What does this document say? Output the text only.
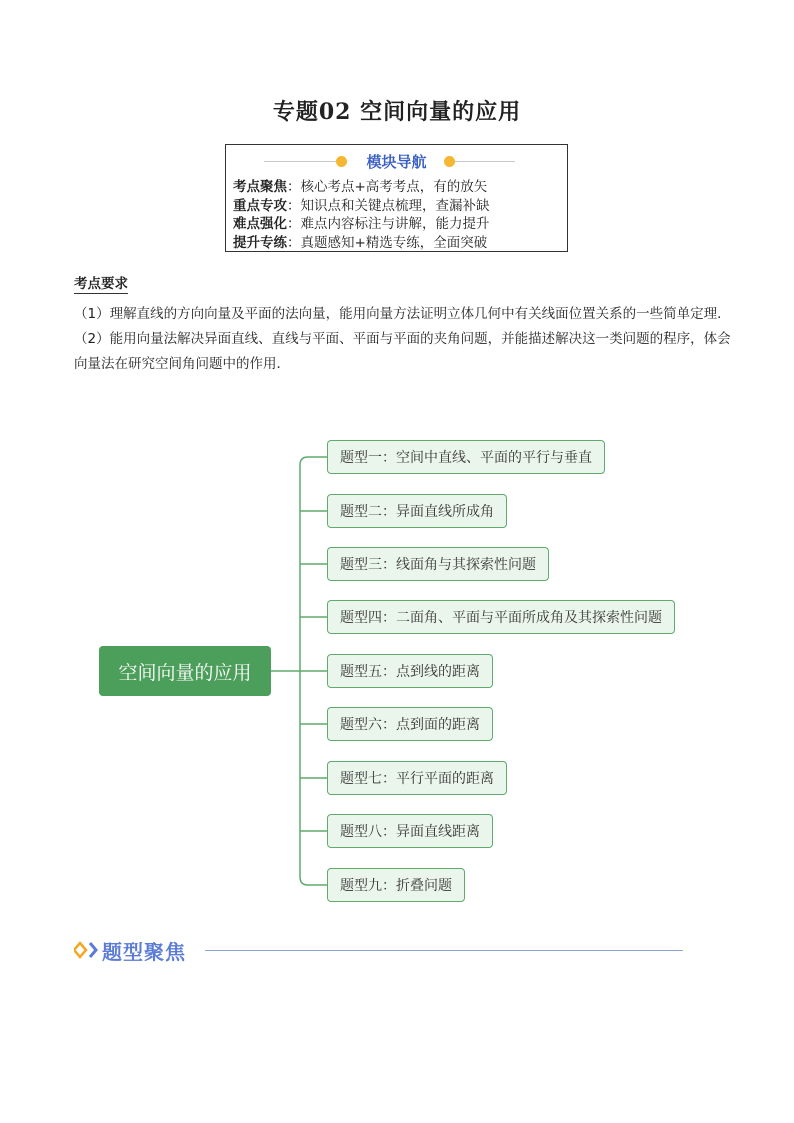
专题02 空间向量的应用
模块导航
考点聚焦：核心考点+高考考点，有的放矢
重点专攻：知识点和关键点梳理，查漏补缺
难点强化：难点内容标注与讲解，能力提升
提升专练：真题感知+精选专练，全面突破
考点要求

（1）理解直线的方向向量及平面的法向量，能用向量方法证明立体几何中有关线面位置关系的一些简单定理．

（2）能用向量法解决异面直线、直线与平面、平面与平面的夹角问题，并能描述解决这一类问题的程序，体会向量法在研究空间角问题中的作用．

空间向量的应用
题型一：空间中直线、平面的平行与垂直
题型二：异面直线所成角
题型三：线面角与其探索性问题
题型四：二面角、平面与平面所成角及其探索性问题
题型五：点到线的距离
题型六：点到面的距离
题型七：平行平面的距离
题型八：异面直线距离
题型九：折叠问题
题型聚焦
